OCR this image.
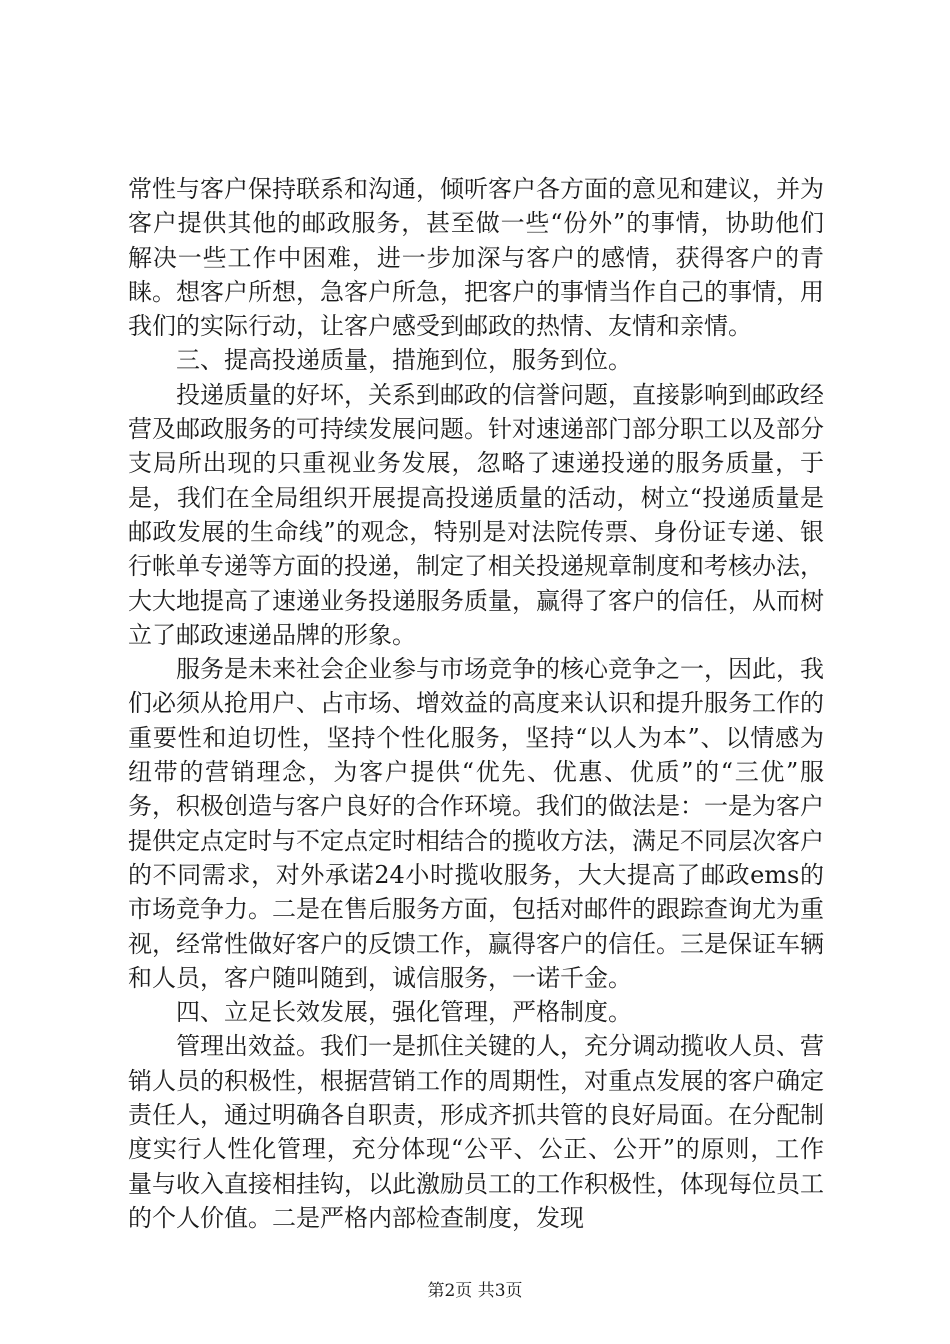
常性与客户保持联系和沟通，倾听客户各方面的意见和建议，并为客户提供其他的邮政服务，甚至做一些“份外”的事情，协助他们解决一些工作中困难，进一步加深与客户的感情，获得客户的青睐。想客户所想，急客户所急，把客户的事情当作自己的事情，用我们的实际行动，让客户感受到邮政的热情、友情和亲情。

三、提高投递质量，措施到位，服务到位。

投递质量的好坏，关系到邮政的信誉问题，直接影响到邮政经营及邮政服务的可持续发展问题。针对速递部门部分职工以及部分支局所出现的只重视业务发展，忽略了速递投递的服务质量，于是，我们在全局组织开展提高投递质量的活动，树立“投递质量是邮政发展的生命线”的观念，特别是对法院传票、身份证专递、银行帐单专递等方面的投递，制定了相关投递规章制度和考核办法，大大地提高了速递业务投递服务质量，赢得了客户的信任，从而树立了邮政速递品牌的形象。

服务是未来社会企业参与市场竞争的核心竞争之一，因此，我们必须从抢用户、占市场、增效益的高度来认识和提升服务工作的重要性和迫切性，坚持个性化服务，坚持“以人为本”、以情感为纽带的营销理念，为客户提供“优先、优惠、优质”的“三优”服务，积极创造与客户良好的合作环境。我们的做法是：一是为客户提供定点定时与不定点定时相结合的揽收方法，满足不同层次客户的不同需求，对外承诺24小时揽收服务，大大提高了邮政ems的市场竞争力。二是在售后服务方面，包括对邮件的跟踪查询尤为重视，经常性做好客户的反馈工作，赢得客户的信任。三是保证车辆和人员，客户随叫随到，诚信服务，一诺千金。

四、立足长效发展，强化管理，严格制度。

管理出效益。我们一是抓住关键的人，充分调动揽收人员、营销人员的积极性，根据营销工作的周期性，对重点发展的客户确定责任人，通过明确各自职责，形成齐抓共管的良好局面。在分配制度实行人性化管理，充分体现“公平、公正、公开”的原则，工作量与收入直接相挂钩，以此激励员工的工作积极性，体现每位员工的个人价值。二是严格内部检查制度，发现

第2页 共3页
